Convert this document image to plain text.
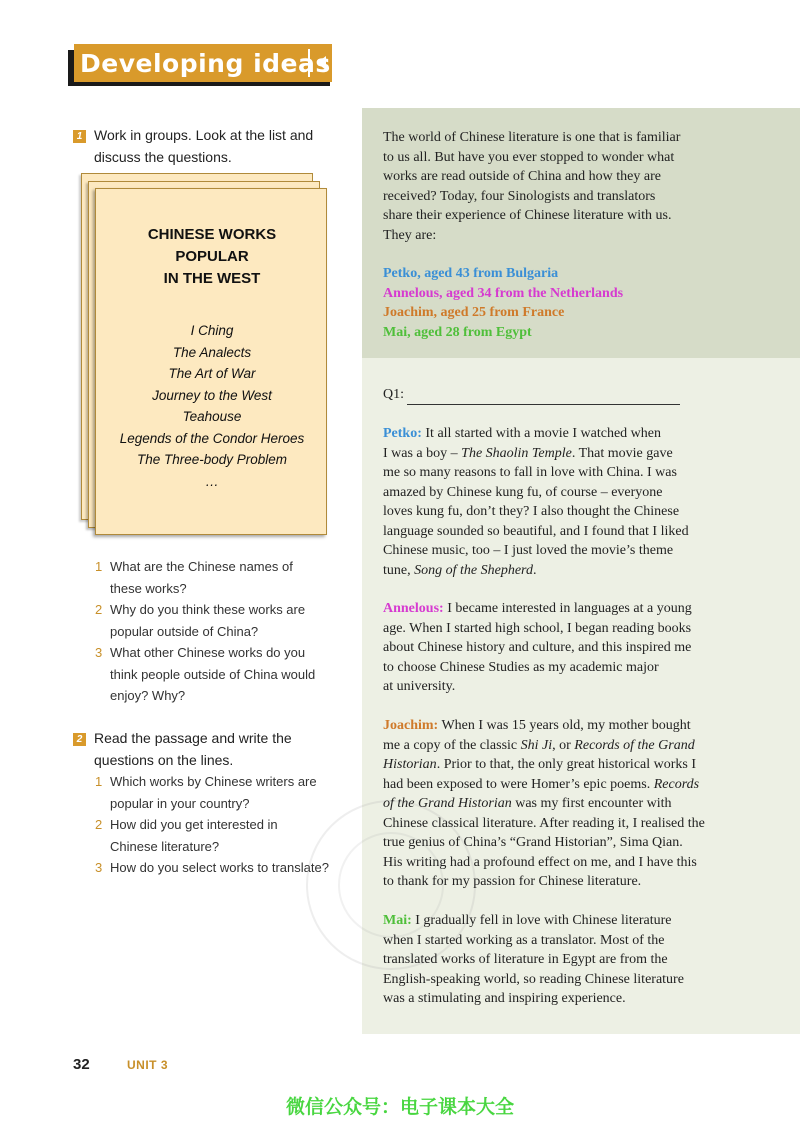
Developing ideas
1 Work in groups. Look at the list and
discuss the questions.
CHINESE WORKS
POPULAR
IN THE WEST
I Ching
The Analects
The Art of War
Journey to the West
Teahouse
Legends of the Condor Heroes
The Three-body Problem
…
1 What are the Chinese names of
these works?
2 Why do you think these works are
popular outside of China?
3 What other Chinese works do you
think people outside of China would
enjoy? Why?
2 Read the passage and write the
questions on the lines.
1 Which works by Chinese writers are
popular in your country?
2 How did you get interested in
Chinese literature?
3 How do you select works to translate?
The world of Chinese literature is one that is familiar
to us all. But have you ever stopped to wonder what
works are read outside of China and how they are
received? Today, four Sinologists and translators
share their experience of Chinese literature with us.
They are:
Petko, aged 43 from Bulgaria
Annelous, aged 34 from the Netherlands
Joachim, aged 25 from France
Mai, aged 28 from Egypt
Q1:
Petko: It all started with a movie I watched when
I was a boy – The Shaolin Temple. That movie gave
me so many reasons to fall in love with China. I was
amazed by Chinese kung fu, of course – everyone
loves kung fu, don’t they? I also thought the Chinese
language sounded so beautiful, and I found that I liked
Chinese music, too – I just loved the movie’s theme
tune, Song of the Shepherd.
Annelous: I became interested in languages at a young
age. When I started high school, I began reading books
about Chinese history and culture, and this inspired me
to choose Chinese Studies as my academic major
at university.
Joachim: When I was 15 years old, my mother bought
me a copy of the classic Shi Ji, or Records of the Grand
Historian. Prior to that, the only great historical works I
had been exposed to were Homer’s epic poems. Records
of the Grand Historian was my first encounter with
Chinese classical literature. After reading it, I realised the
true genius of China’s “Grand Historian”, Sima Qian.
His writing had a profound effect on me, and I have this
to thank for my passion for Chinese literature.
Mai: I gradually fell in love with Chinese literature
when I started working as a translator. Most of the
translated works of literature in Egypt are from the
English-speaking world, so reading Chinese literature
was a stimulating and inspiring experience.
32	UNIT 3
微信公众号：电子课本大全
